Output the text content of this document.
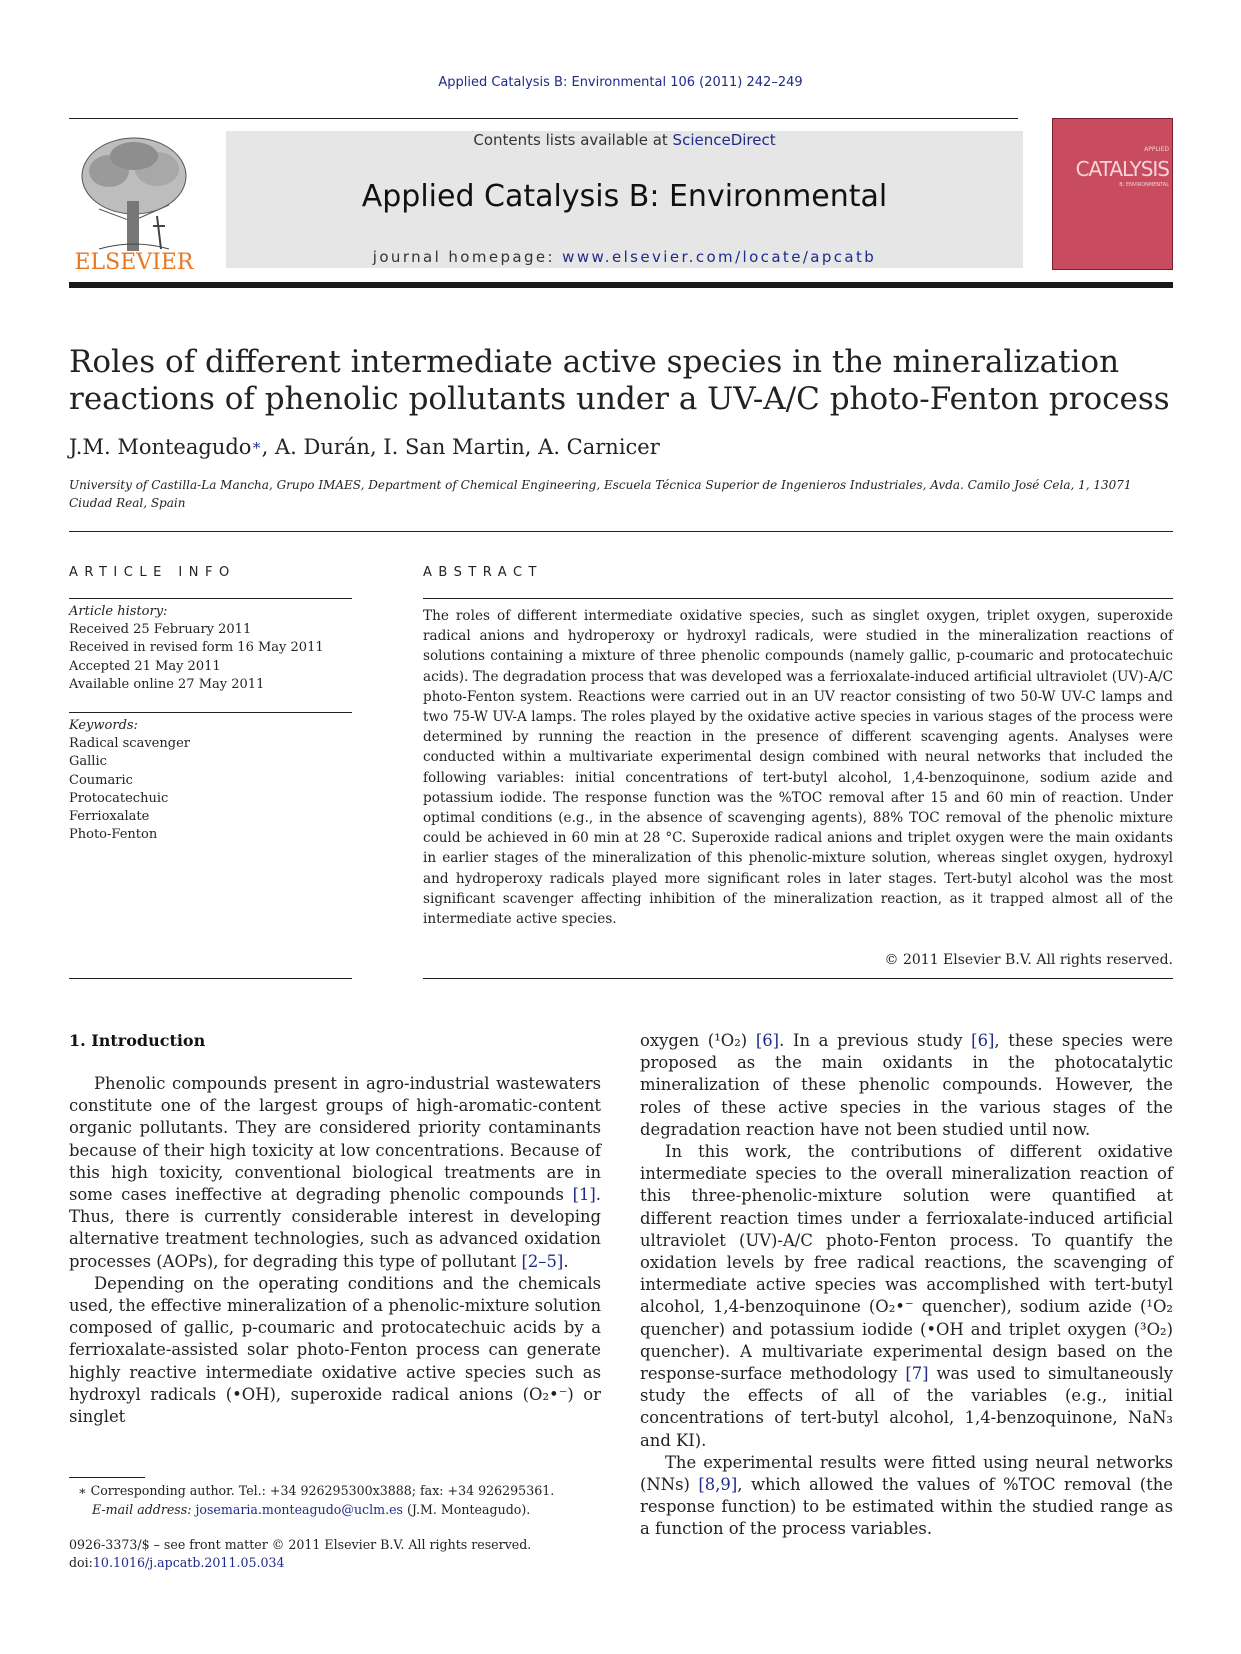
Applied Catalysis B: Environmental 106 (2011) 242–249
ELSEVIER
Contents lists available at ScienceDirect
Applied Catalysis B: Environmental
journal homepage: www.elsevier.com/locate/apcatb
APPLIED
CATALYSIS
B: ENVIRONMENTAL
Roles of different intermediate active species in the mineralization reactions of phenolic pollutants under a UV-A/C photo-Fenton process
J.M. Monteagudo∗, A. Durán, I. San Martin, A. Carnicer
University of Castilla-La Mancha, Grupo IMAES, Department of Chemical Engineering, Escuela Técnica Superior de Ingenieros Industriales, Avda. Camilo José Cela, 1, 13071 Ciudad Real, Spain
ARTICLE INFO	ABSTRACT
Article history:
Received 25 February 2011
Received in revised form 16 May 2011
Accepted 21 May 2011
Available online 27 May 2011
Keywords:
Radical scavenger
Gallic
Coumaric
Protocatechuic
Ferrioxalate
Photo-Fenton
The roles of different intermediate oxidative species, such as singlet oxygen, triplet oxygen, superoxide radical anions and hydroperoxy or hydroxyl radicals, were studied in the mineralization reactions of solutions containing a mixture of three phenolic compounds (namely gallic, p-coumaric and protocatechuic acids). The degradation process that was developed was a ferrioxalate-induced artificial ultraviolet (UV)-A/C photo-Fenton system. Reactions were carried out in an UV reactor consisting of two 50-W UV-C lamps and two 75-W UV-A lamps. The roles played by the oxidative active species in various stages of the process were determined by running the reaction in the presence of different scavenging agents. Analyses were conducted within a multivariate experimental design combined with neural networks that included the following variables: initial concentrations of tert-butyl alcohol, 1,4-benzoquinone, sodium azide and potassium iodide. The response function was the %TOC removal after 15 and 60 min of reaction. Under optimal conditions (e.g., in the absence of scavenging agents), 88% TOC removal of the phenolic mixture could be achieved in 60 min at 28 °C. Superoxide radical anions and triplet oxygen were the main oxidants in earlier stages of the mineralization of this phenolic-mixture solution, whereas singlet oxygen, hydroxyl and hydroperoxy radicals played more significant roles in later stages. Tert-butyl alcohol was the most significant scavenger affecting inhibition of the mineralization reaction, as it trapped almost all of the intermediate active species.
© 2011 Elsevier B.V. All rights reserved.
1. Introduction

Phenolic compounds present in agro-industrial wastewaters constitute one of the largest groups of high-aromatic-content organic pollutants. They are considered priority contaminants because of their high toxicity at low concentrations. Because of this high toxicity, conventional biological treatments are in some cases ineffective at degrading phenolic compounds [1]. Thus, there is currently considerable interest in developing alternative treatment technologies, such as advanced oxidation processes (AOPs), for degrading this type of pollutant [2–5].

Depending on the operating conditions and the chemicals used, the effective mineralization of a phenolic-mixture solution composed of gallic, p-coumaric and protocatechuic acids by a ferrioxalate-assisted solar photo-Fenton process can generate highly reactive intermediate oxidative active species such as hydroxyl radicals (•OH), superoxide radical anions (O₂•⁻) or singlet

oxygen (¹O₂) [6]. In a previous study [6], these species were proposed as the main oxidants in the photocatalytic mineralization of these phenolic compounds. However, the roles of these active species in the various stages of the degradation reaction have not been studied until now.

In this work, the contributions of different oxidative intermediate species to the overall mineralization reaction of this three-phenolic-mixture solution were quantified at different reaction times under a ferrioxalate-induced artificial ultraviolet (UV)-A/C photo-Fenton process. To quantify the oxidation levels by free radical reactions, the scavenging of intermediate active species was accomplished with tert-butyl alcohol, 1,4-benzoquinone (O₂•⁻ quencher), sodium azide (¹O₂ quencher) and potassium iodide (•OH and triplet oxygen (³O₂) quencher). A multivariate experimental design based on the response-surface methodology [7] was used to simultaneously study the effects of all of the variables (e.g., initial concentrations of tert-butyl alcohol, 1,4-benzoquinone, NaN₃ and KI).

The experimental results were fitted using neural networks (NNs) [8,9], which allowed the values of %TOC removal (the response function) to be estimated within the studied range as a function of the process variables.

∗ Corresponding author. Tel.: +34 926295300x3888; fax: +34 926295361.
E-mail address: josemaria.monteagudo@uclm.es (J.M. Monteagudo).
0926-3373/$ – see front matter © 2011 Elsevier B.V. All rights reserved.
doi:10.1016/j.apcatb.2011.05.034
